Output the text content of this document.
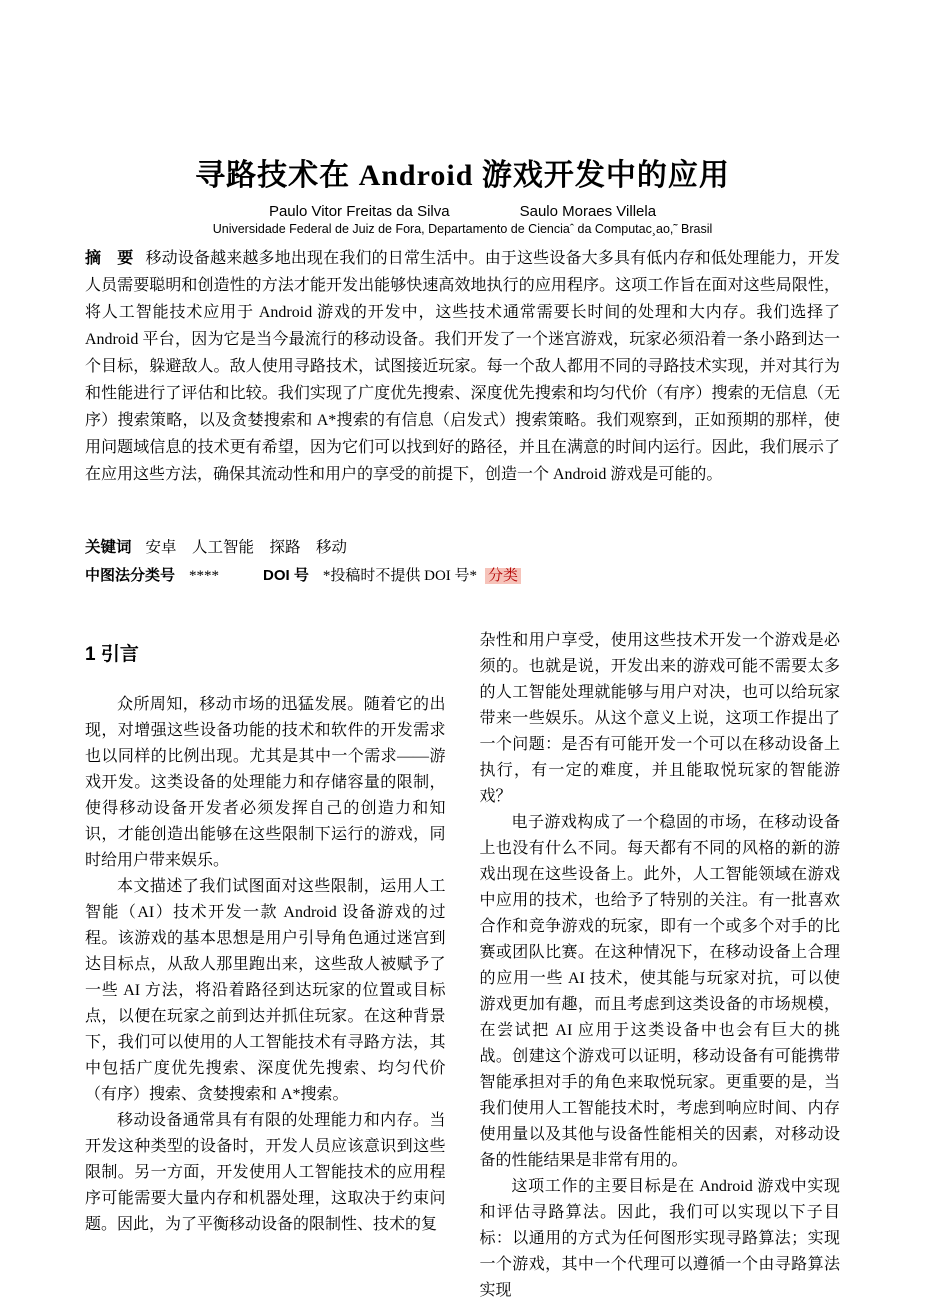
寻路技术在 Android 游戏开发中的应用
Paulo Vitor Freitas da Silva	Saulo Moraes Villela
Universidade Federal de Juiz de Fora, Departamento de Cienciaˆ da Computac¸ao,˜ Brasil

摘　要 移动设备越来越多地出现在我们的日常生活中。由于这些设备大多具有低内存和低处理能力，开发人员需要聪明和创造性的方法才能开发出能够快速高效地执行的应用程序。这项工作旨在面对这些局限性，将人工智能技术应用于 Android 游戏的开发中，这些技术通常需要长时间的处理和大内存。我们选择了 Android 平台，因为它是当今最流行的移动设备。我们开发了一个迷宫游戏，玩家必须沿着一条小路到达一个目标，躲避敌人。敌人使用寻路技术，试图接近玩家。每一个敌人都用不同的寻路技术实现，并对其行为和性能进行了评估和比较。我们实现了广度优先搜索、深度优先搜索和均匀代价（有序）搜索的无信息（无序）搜索策略，以及贪婪搜索和 A*搜索的有信息（启发式）搜索策略。我们观察到，正如预期的那样，使用问题域信息的技术更有希望，因为它们可以找到好的路径，并且在满意的时间内运行。因此，我们展示了在应用这些方法，确保其流动性和用户的享受的前提下，创造一个 Android 游戏是可能的。

关键词 安卓　人工智能　探路　移动
中图法分类号 ****	DOI 号 *投稿时不提供 DOI 号* 分类
1 引言

众所周知，移动市场的迅猛发展。随着它的出现，对增强这些设备功能的技术和软件的开发需求也以同样的比例出现。尤其是其中一个需求——游戏开发。这类设备的处理能力和存储容量的限制，使得移动设备开发者必须发挥自己的创造力和知识，才能创造出能够在这些限制下运行的游戏，同时给用户带来娱乐。

本文描述了我们试图面对这些限制，运用人工智能（AI）技术开发一款 Android 设备游戏的过程。该游戏的基本思想是用户引导角色通过迷宫到达目标点，从敌人那里跑出来，这些敌人被赋予了一些 AI 方法，将沿着路径到达玩家的位置或目标点，以便在玩家之前到达并抓住玩家。在这种背景下，我们可以使用的人工智能技术有寻路方法，其中包括广度优先搜索、深度优先搜索、均匀代价（有序）搜索、贪婪搜索和 A*搜索。

移动设备通常具有有限的处理能力和内存。当开发这种类型的设备时，开发人员应该意识到这些限制。另一方面，开发使用人工智能技术的应用程序可能需要大量内存和机器处理，这取决于约束问题。因此，为了平衡移动设备的限制性、技术的复

杂性和用户享受，使用这些技术开发一个游戏是必须的。也就是说，开发出来的游戏可能不需要太多的人工智能处理就能够与用户对决，也可以给玩家带来一些娱乐。从这个意义上说，这项工作提出了一个问题：是否有可能开发一个可以在移动设备上执行，有一定的难度，并且能取悦玩家的智能游戏？

电子游戏构成了一个稳固的市场，在移动设备上也没有什么不同。每天都有不同的风格的新的游戏出现在这些设备上。此外，人工智能领域在游戏中应用的技术，也给予了特别的关注。有一批喜欢合作和竞争游戏的玩家，即有一个或多个对手的比赛或团队比赛。在这种情况下，在移动设备上合理的应用一些 AI 技术，使其能与玩家对抗，可以使游戏更加有趣，而且考虑到这类设备的市场规模，在尝试把 AI 应用于这类设备中也会有巨大的挑战。创建这个游戏可以证明，移动设备有可能携带智能承担对手的角色来取悦玩家。更重要的是，当我们使用人工智能技术时，考虑到响应时间、内存使用量以及其他与设备性能相关的因素，对移动设备的性能结果是非常有用的。

这项工作的主要目标是在 Android 游戏中实现和评估寻路算法。因此，我们可以实现以下子目标：以通用的方式为任何图形实现寻路算法；实现一个游戏，其中一个代理可以遵循一个由寻路算法实现
